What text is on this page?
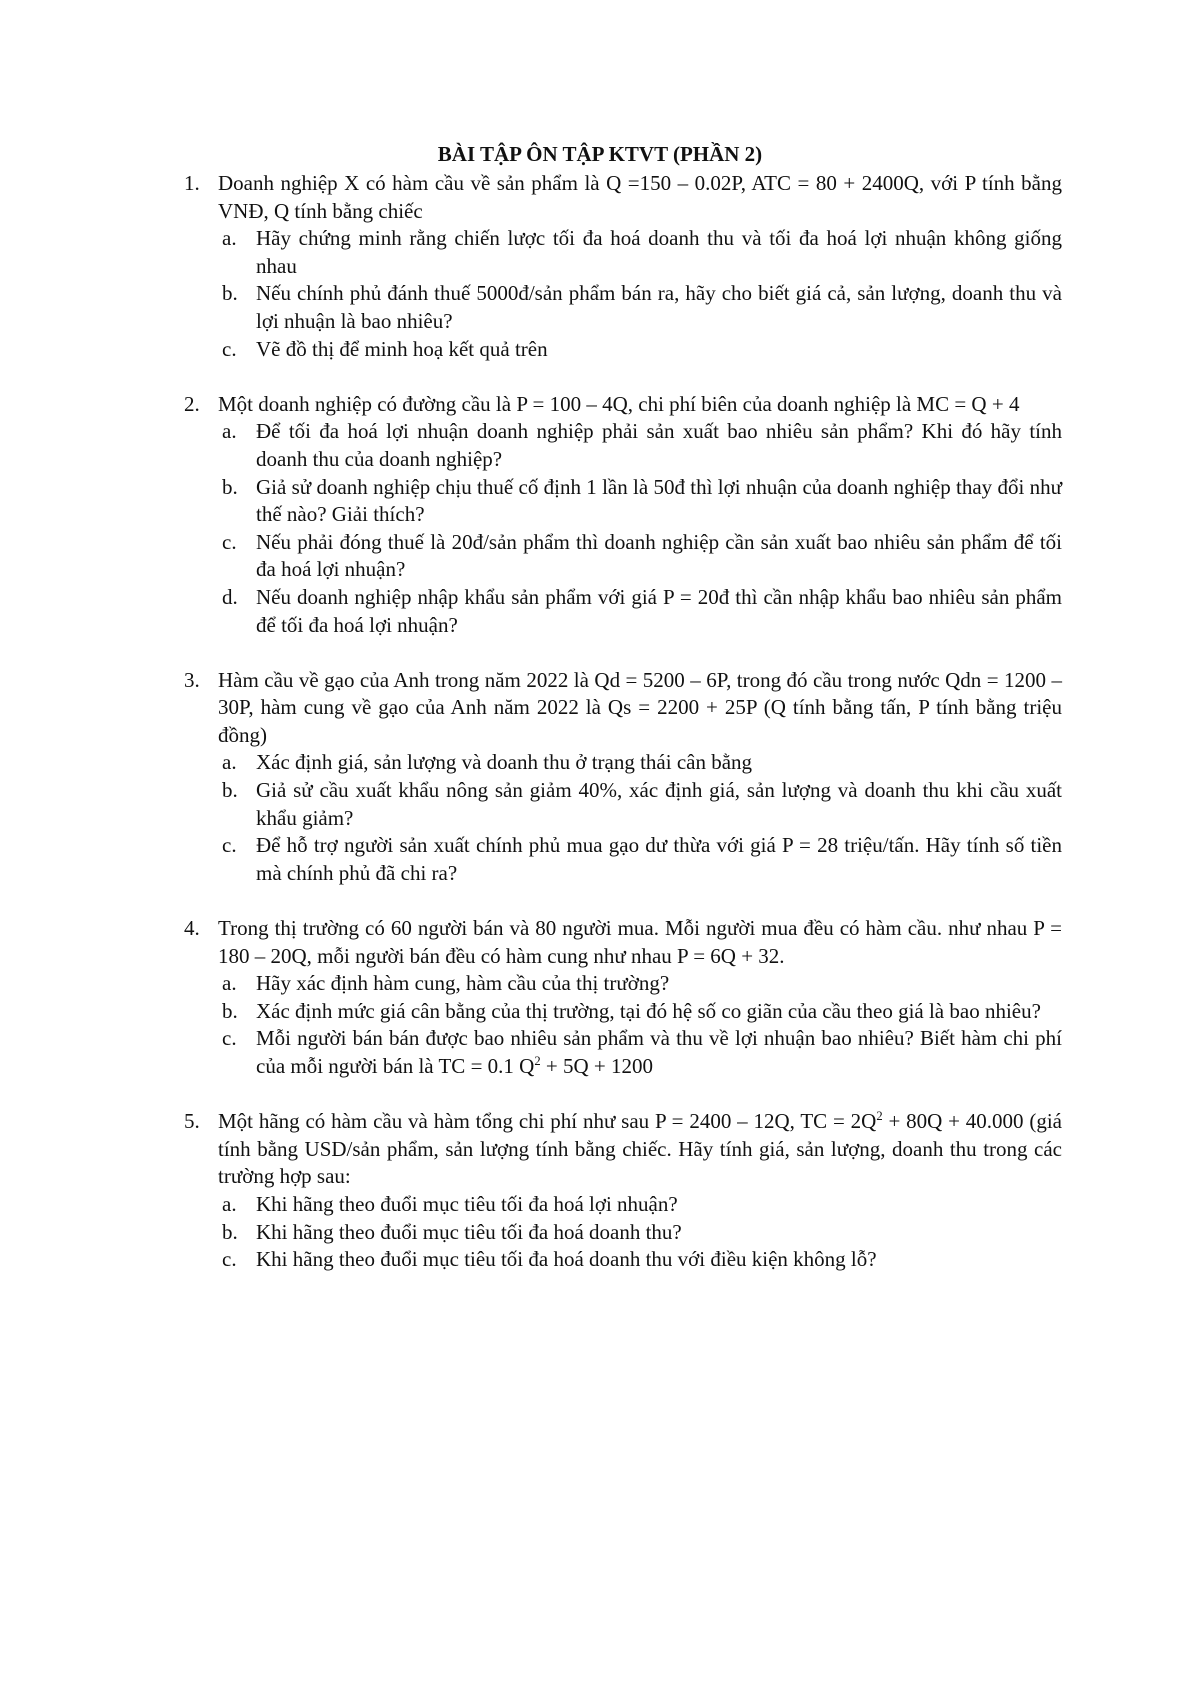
BÀI TẬP ÔN TẬP KTVT (PHẦN 2)
1. Doanh nghiệp X có hàm cầu về sản phẩm là Q =150 – 0.02P, ATC = 80 + 2400Q, với P tính bằng VNĐ, Q tính bằng chiếc
a. Hãy chứng minh rằng chiến lược tối đa hoá doanh thu và tối đa hoá lợi nhuận không giống nhau
b. Nếu chính phủ đánh thuế 5000đ/sản phẩm bán ra, hãy cho biết giá cả, sản lượng, doanh thu và lợi nhuận là bao nhiêu?
c. Vẽ đồ thị để minh hoạ kết quả trên
2. Một doanh nghiệp có đường cầu là P = 100 – 4Q, chi phí biên của doanh nghiệp là MC = Q + 4
a. Để tối đa hoá lợi nhuận doanh nghiệp phải sản xuất bao nhiêu sản phẩm? Khi đó hãy tính doanh thu của doanh nghiệp?
b. Giả sử doanh nghiệp chịu thuế cố định 1 lần là 50đ thì lợi nhuận của doanh nghiệp thay đổi như thế nào? Giải thích?
c. Nếu phải đóng thuế là 20đ/sản phẩm thì doanh nghiệp cần sản xuất bao nhiêu sản phẩm để tối đa hoá lợi nhuận?
d. Nếu doanh nghiệp nhập khẩu sản phẩm với giá P = 20đ thì cần nhập khẩu bao nhiêu sản phẩm để tối đa hoá lợi nhuận?
3. Hàm cầu về gạo của Anh trong năm 2022 là Qd = 5200 – 6P, trong đó cầu trong nước Qdn = 1200 – 30P, hàm cung về gạo của Anh năm 2022 là Qs = 2200 + 25P (Q tính bằng tấn, P tính bằng triệu đồng)
a. Xác định giá, sản lượng và doanh thu ở trạng thái cân bằng
b. Giả sử cầu xuất khẩu nông sản giảm 40%, xác định giá, sản lượng và doanh thu khi cầu xuất khẩu giảm?
c. Để hỗ trợ người sản xuất chính phủ mua gạo dư thừa với giá P = 28 triệu/tấn. Hãy tính số tiền mà chính phủ đã chi ra?
4. Trong thị trường có 60 người bán và 80 người mua. Mỗi người mua đều có hàm cầu. như nhau P = 180 – 20Q, mỗi người bán đều có hàm cung như nhau P = 6Q + 32.
a. Hãy xác định hàm cung, hàm cầu của thị trường?
b. Xác định mức giá cân bằng của thị trường, tại đó hệ số co giãn của cầu theo giá là bao nhiêu?
c. Mỗi người bán bán được bao nhiêu sản phẩm và thu về lợi nhuận bao nhiêu? Biết hàm chi phí của mỗi người bán là TC = 0.1 $Q^2 + 5Q + 1200$
5. Một hãng có hàm cầu và hàm tổng chi phí như sau P = 2400 – 12Q, TC = $2Q^2 + 80Q + 40.000$ (giá tính bằng USD/sản phẩm, sản lượng tính bằng chiếc. Hãy tính giá, sản lượng, doanh thu trong các trường hợp sau:
a. Khi hãng theo đuổi mục tiêu tối đa hoá lợi nhuận?
b. Khi hãng theo đuổi mục tiêu tối đa hoá doanh thu?
c. Khi hãng theo đuổi mục tiêu tối đa hoá doanh thu với điều kiện không lỗ?
